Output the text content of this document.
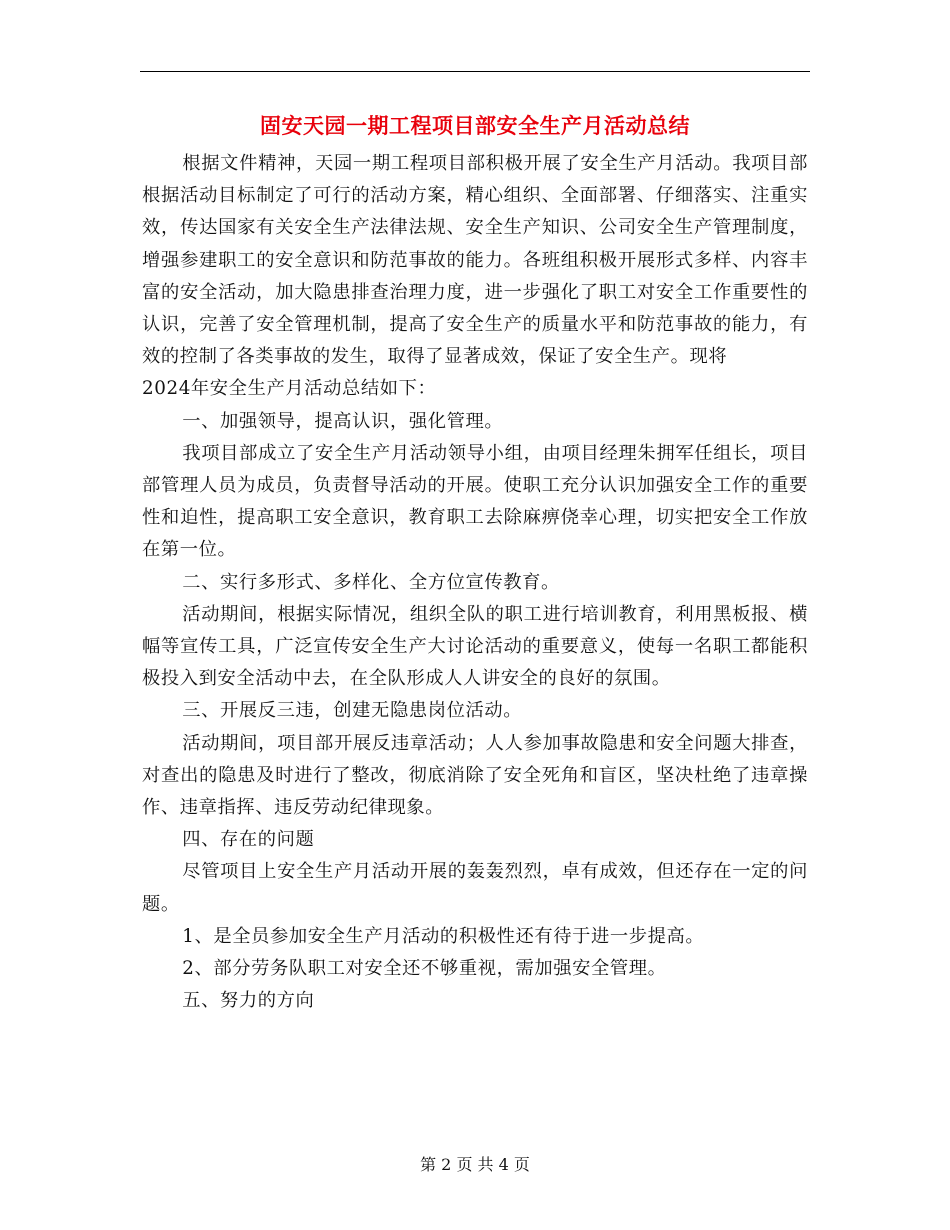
固安天园一期工程项目部安全生产月活动总结

根据文件精神，天园一期工程项目部积极开展了安全生产月活动。我项目部根据活动目标制定了可行的活动方案，精心组织、全面部署、仔细落实、注重实效，传达国家有关安全生产法律法规、安全生产知识、公司安全生产管理制度，增强参建职工的安全意识和防范事故的能力。各班组积极开展形式多样、内容丰富的安全活动，加大隐患排查治理力度，进一步强化了职工对安全工作重要性的认识，完善了安全管理机制，提高了安全生产的质量水平和防范事故的能力，有效的控制了各类事故的发生，取得了显著成效，保证了安全生产。现将

2024年安全生产月活动总结如下：

一、加强领导，提高认识，强化管理。

我项目部成立了安全生产月活动领导小组，由项目经理朱拥军任组长，项目部管理人员为成员，负责督导活动的开展。使职工充分认识加强安全工作的重要性和迫性，提高职工安全意识，教育职工去除麻痹侥幸心理，切实把安全工作放在第一位。

二、实行多形式、多样化、全方位宣传教育。

活动期间，根据实际情况，组织全队的职工进行培训教育，利用黑板报、横幅等宣传工具，广泛宣传安全生产大讨论活动的重要意义，使每一名职工都能积极投入到安全活动中去，在全队形成人人讲安全的良好的氛围。

三、开展反三违，创建无隐患岗位活动。

活动期间，项目部开展反违章活动；人人参加事故隐患和安全问题大排查，对查出的隐患及时进行了整改，彻底消除了安全死角和盲区，坚决杜绝了违章操作、违章指挥、违反劳动纪律现象。

四、存在的问题

尽管项目上安全生产月活动开展的轰轰烈烈，卓有成效，但还存在一定的问题。

1、是全员参加安全生产月活动的积极性还有待于进一步提高。

2、部分劳务队职工对安全还不够重视，需加强安全管理。

五、努力的方向

第 2 页 共 4 页
